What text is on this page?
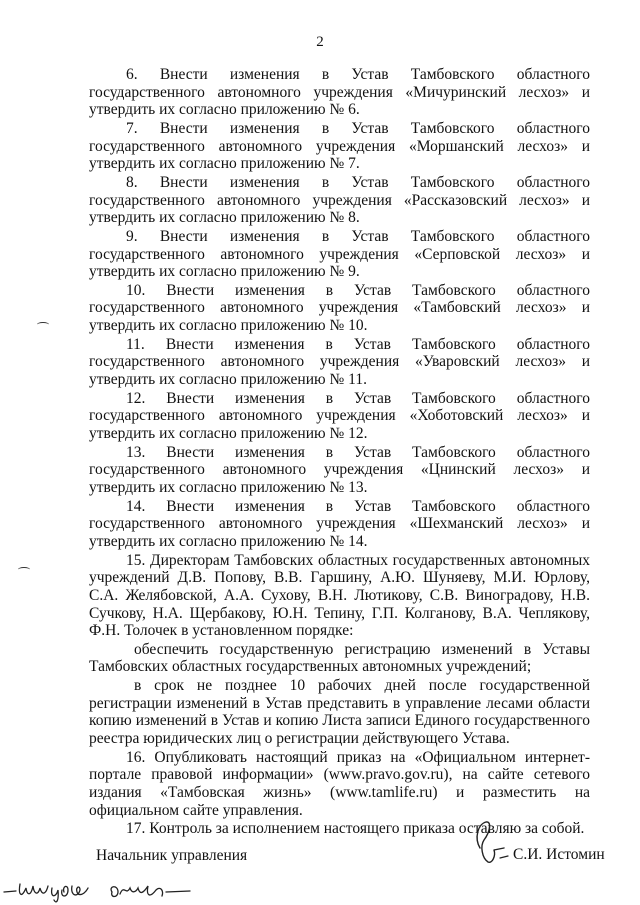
2

6. Внести изменения в Устав Тамбовского областного государственного автономного учреждения «Мичуринский лесхоз» и утвердить их согласно приложению № 6.

7. Внести изменения в Устав Тамбовского областного государственного автономного учреждения «Моршанский лесхоз» и утвердить их согласно приложению № 7.

8. Внести изменения в Устав Тамбовского областного государственного автономного учреждения «Рассказовский лесхоз» и утвердить их согласно приложению № 8.

9. Внести изменения в Устав Тамбовского областного государственного автономного учреждения «Серповской лесхоз» и утвердить их согласно приложению № 9.

10. Внести изменения в Устав Тамбовского областного государственного автономного учреждения «Тамбовский лесхоз» и утвердить их согласно приложению № 10.

11. Внести изменения в Устав Тамбовского областного государственного автономного учреждения «Уваровский лесхоз» и утвердить их согласно приложению № 11.

12. Внести изменения в Устав Тамбовского областного государственного автономного учреждения «Хоботовский лесхоз» и утвердить их согласно приложению № 12.

13. Внести изменения в Устав Тамбовского областного государственного автономного учреждения «Цнинский лесхоз» и утвердить их согласно приложению № 13.

14. Внести изменения в Устав Тамбовского областного государственного автономного учреждения «Шехманский лесхоз» и утвердить их согласно приложению № 14.

15. Директорам Тамбовских областных государственных автономных учреждений Д.В. Попову, В.В. Гаршину, А.Ю. Шуняеву, М.И. Юрлову, С.А. Желябовской, А.А. Сухову, В.Н. Лютикову, С.В. Виноградову, Н.В. Сучкову, Н.А. Щербакову, Ю.Н. Тепину, Г.П. Колганову, В.А. Чеплякову, Ф.Н. Толочек в установленном порядке:

обеспечить государственную регистрацию изменений в Уставы Тамбовских областных государственных автономных учреждений;

в срок не позднее 10 рабочих дней после государственной регистрации изменений в Устав представить в управление лесами области копию изменений в Устав и копию Листа записи Единого государственного реестра юридических лиц о регистрации действующего Устава.

16. Опубликовать настоящий приказ на «Официальном интернет-портале правовой информации» (www.pravo.gov.ru), на сайте сетевого издания «Тамбовская жизнь» (www.tamlife.ru) и разместить на официальном сайте управления.

17. Контроль за исполнением настоящего приказа оставляю за собой.

Начальник управления	С.И. Истомин
